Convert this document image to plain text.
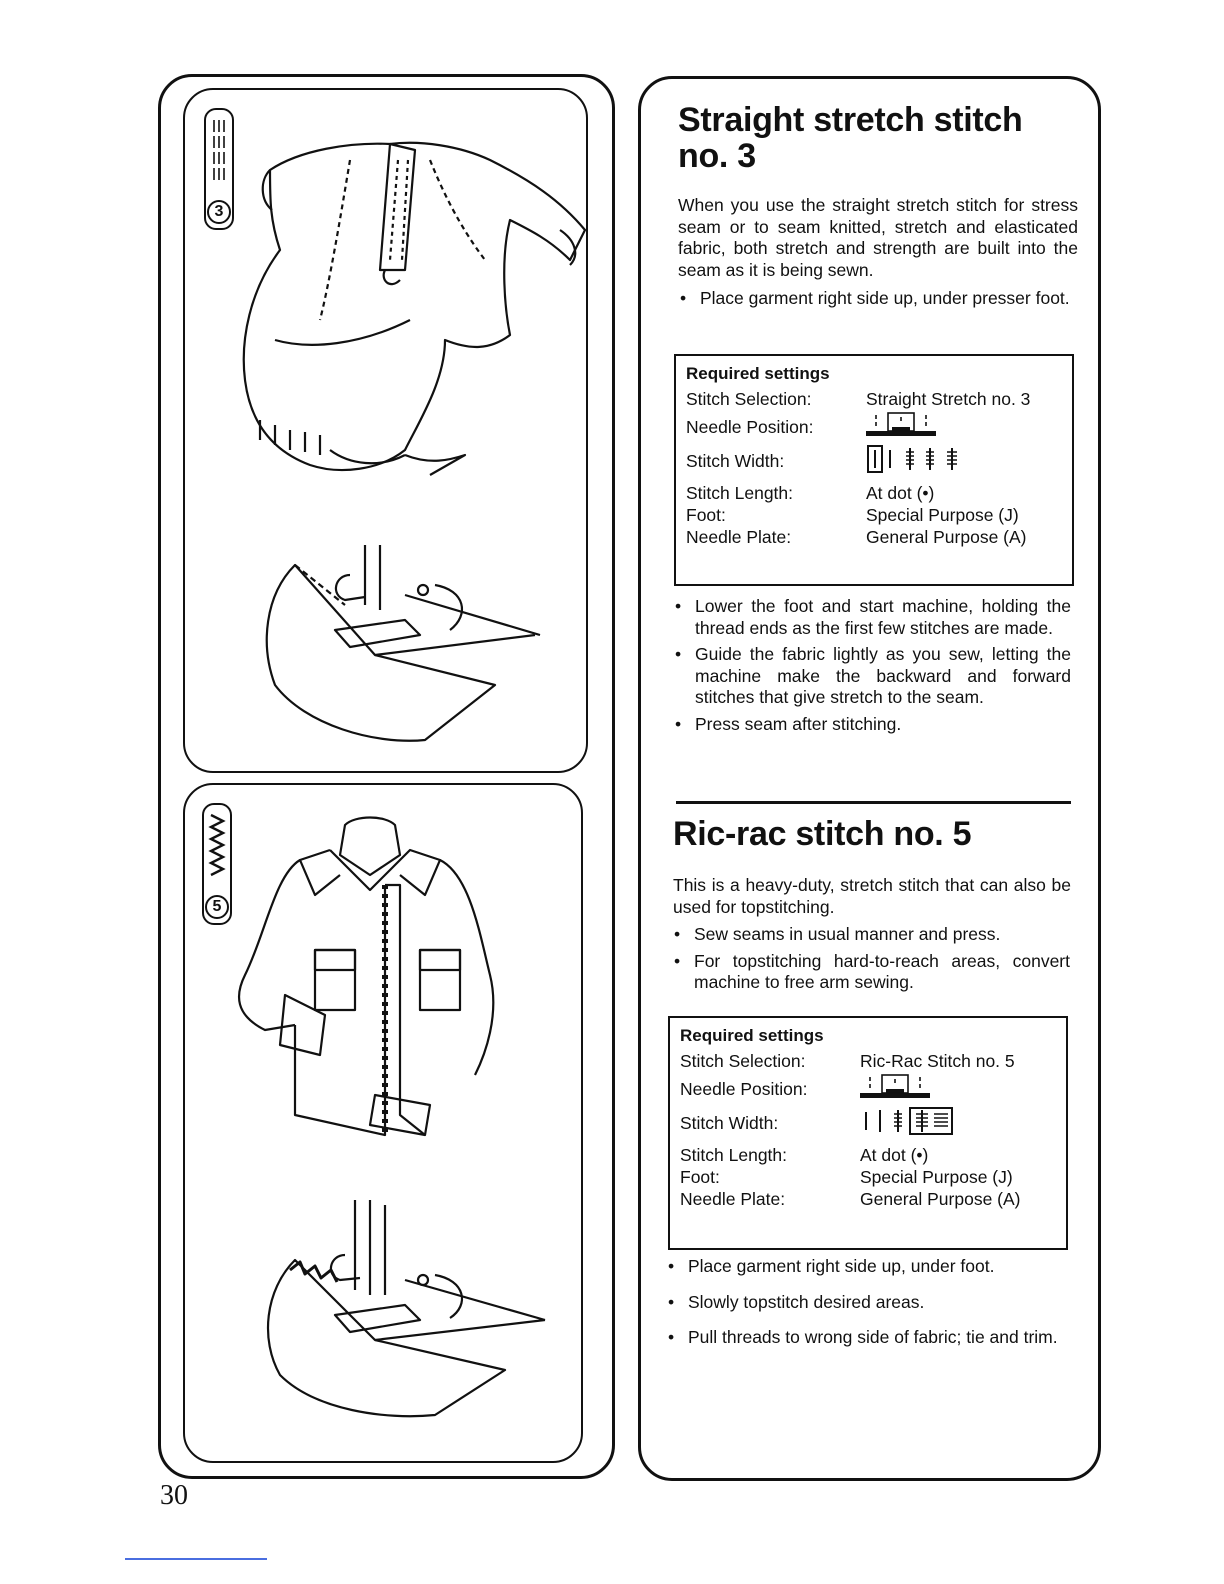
3
5
30
Straight stretch stitch
no. 3

When you use the straight stretch stitch for stress seam or to seam knitted, stretch and elasticated fabric, both stretch and strength are built into the seam as it is being sewn.

• Place garment right side up, under presser foot.
Required settings
Stitch Selection:	Straight Stretch no. 3
Needle Position:
Stitch Width:
Stitch Length:	At dot (•)
Foot:	Special Purpose (J)
Needle Plate:	General Purpose (A)
• Lower the foot and start machine, holding the thread ends as the first few stitches are made.
• Guide the fabric lightly as you sew, letting the machine make the backward and forward stitches that give stretch to the seam.
• Press seam after stitching.
Ric-rac stitch no. 5

This is a heavy-duty, stretch stitch that can also be used for topstitching.

• Sew seams in usual manner and press.
• For topstitching hard-to-reach areas, convert machine to free arm sewing.
Required settings
Stitch Selection:	Ric-Rac Stitch no. 5
Needle Position:
Stitch Width:
Stitch Length:	At dot (•)
Foot:	Special Purpose (J)
Needle Plate:	General Purpose (A)
• Place garment right side up, under foot.
• Slowly topstitch desired areas.
• Pull threads to wrong side of fabric; tie and trim.
